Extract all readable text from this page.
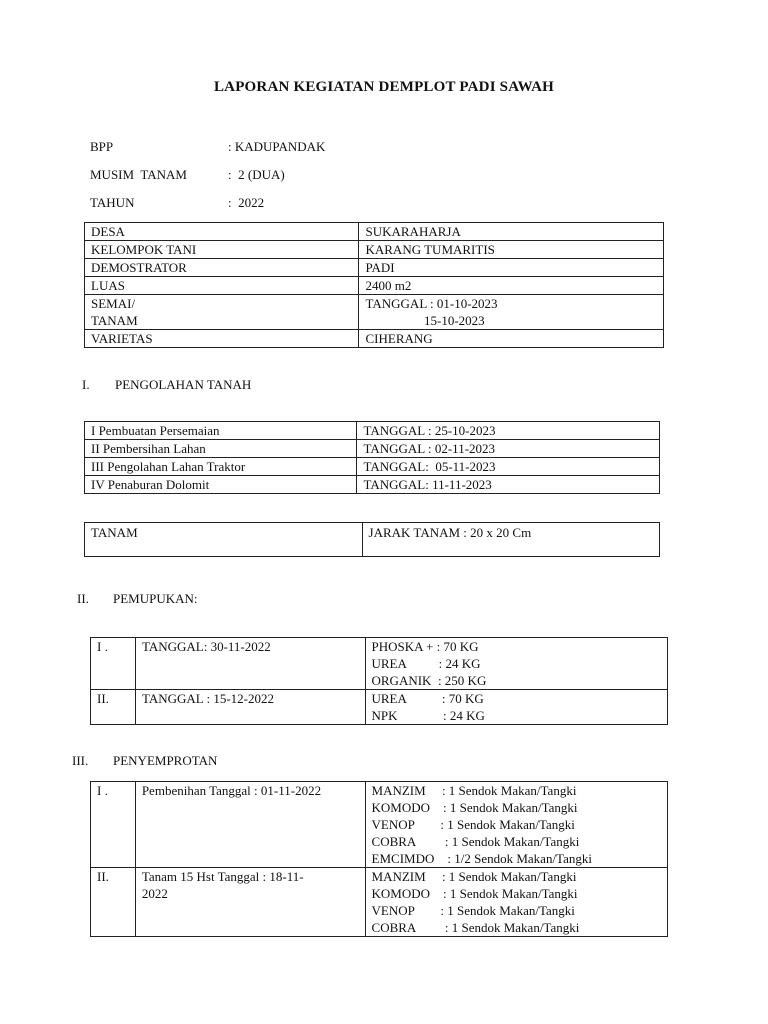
LAPORAN KEGIATAN DEMPLOT PADI SAWAH
BPP	: KADUPANDAK
MUSIM  TANAM	:  2 (DUA)
TAHUN	:  2022
DESA	SUKARAHARJA
KELOMPOK TANI	KARANG TUMARITIS
DEMOSTRATOR	PADI
LUAS	2400 m2

SEMAI/
TANAM	TANGGAL : 01-10-2023
15-10-2023

VARIETAS	CIHERANG
I. PENGOLAHAN TANAH
I Pembuatan Persemaian	TANGGAL : 25-10-2023
II Pembersihan Lahan	TANGGAL : 02-11-2023
III Pengolahan Lahan Traktor	TANGGAL:  05-11-2023
IV Penaburan Dolomit	TANGGAL: 11-11-2023
TANAM	JARAK TANAM : 20 x 20 Cm
II. PEMUPUKAN:
I .	TANGGAL: 30-11-2022	PHOSKA + : 70 KG
UREA          : 24 KG
ORGANIK  : 250 KG

II.	TANGGAL : 15-12-2022	UREA           : 70 KG
NPK              : 24 KG
III. PENYEMPROTAN
I .	Pembenihan Tanggal : 01-11-2022	MANZIM     : 1 Sendok Makan/Tangki
KOMODO    : 1 Sendok Makan/Tangki
VENOP        : 1 Sendok Makan/Tangki
COBRA         : 1 Sendok Makan/Tangki
EMCIMDO    : 1/2 Sendok Makan/Tangki

II.	Tanam 15 Hst Tanggal : 18-11-
2022	MANZIM     : 1 Sendok Makan/Tangki
KOMODO    : 1 Sendok Makan/Tangki
VENOP        : 1 Sendok Makan/Tangki
COBRA         : 1 Sendok Makan/Tangki
